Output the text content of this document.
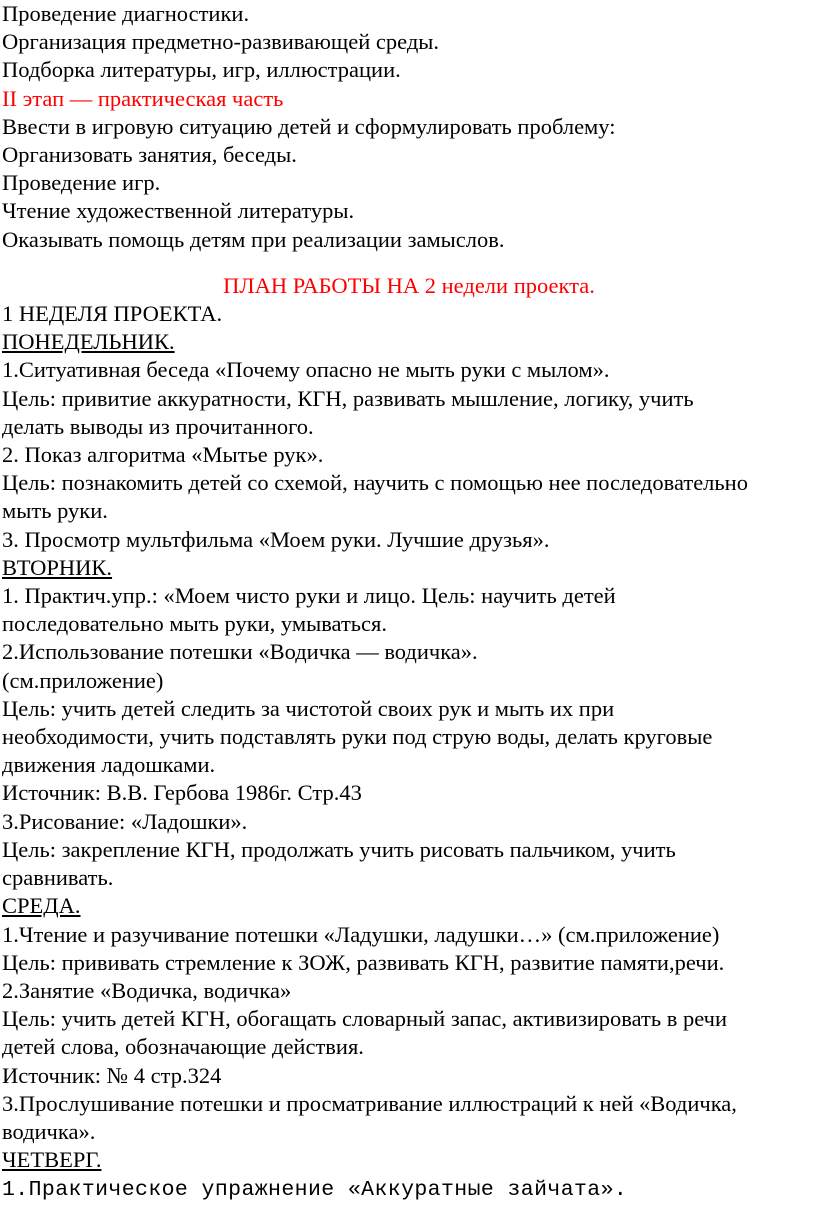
Проведение диагностики.
Организация предметно-развивающей среды.
Подборка литературы, игр, иллюстрации.
II этап — практическая часть
Ввести в игровую ситуацию детей и сформулировать проблему:
Организовать занятия, беседы.
Проведение игр.
Чтение художественной литературы.
Оказывать помощь детям при реализации замыслов.
ПЛАН РАБОТЫ НА 2 недели проекта.
1 НЕДЕЛЯ ПРОЕКТА.
ПОНЕДЕЛЬНИК.
1.Ситуативная беседа «Почему опасно не мыть руки с мылом».
Цель: привитие аккуратности, КГН, развивать мышление, логику, учить
делать выводы из прочитанного.
2. Показ алгоритма «Мытье рук».
Цель: познакомить детей со схемой, научить с помощью нее последовательно
мыть руки.
3. Просмотр мультфильма «Моем руки. Лучшие друзья».
ВТОРНИК.
1. Практич.упр.: «Моем чисто руки и лицо. Цель: научить детей
последовательно мыть руки, умываться.
2.Использование потешки «Водичка — водичка».
(см.приложение)
Цель: учить детей следить за чистотой своих рук и мыть их при
необходимости, учить подставлять руки под струю воды, делать круговые
движения ладошками.
Источник: В.В. Гербова 1986г. Стр.43
3.Рисование: «Ладошки».
Цель: закрепление КГН, продолжать учить рисовать пальчиком, учить
сравнивать.
СРЕДА.
1.Чтение и разучивание потешки «Ладушки, ладушки…» (см.приложение)
Цель: прививать стремление к ЗОЖ, развивать КГН, развитие памяти,речи.
2.Занятие «Водичка, водичка»
Цель: учить детей КГН, обогащать словарный запас, активизировать в речи
детей слова, обозначающие действия.
Источник: № 4 стр.324
3.Прослушивание потешки и просматривание иллюстраций к ней «Водичка,
водичка».
ЧЕТВЕРГ.
1.Практическое упражнение «Аккуратные зайчата».
